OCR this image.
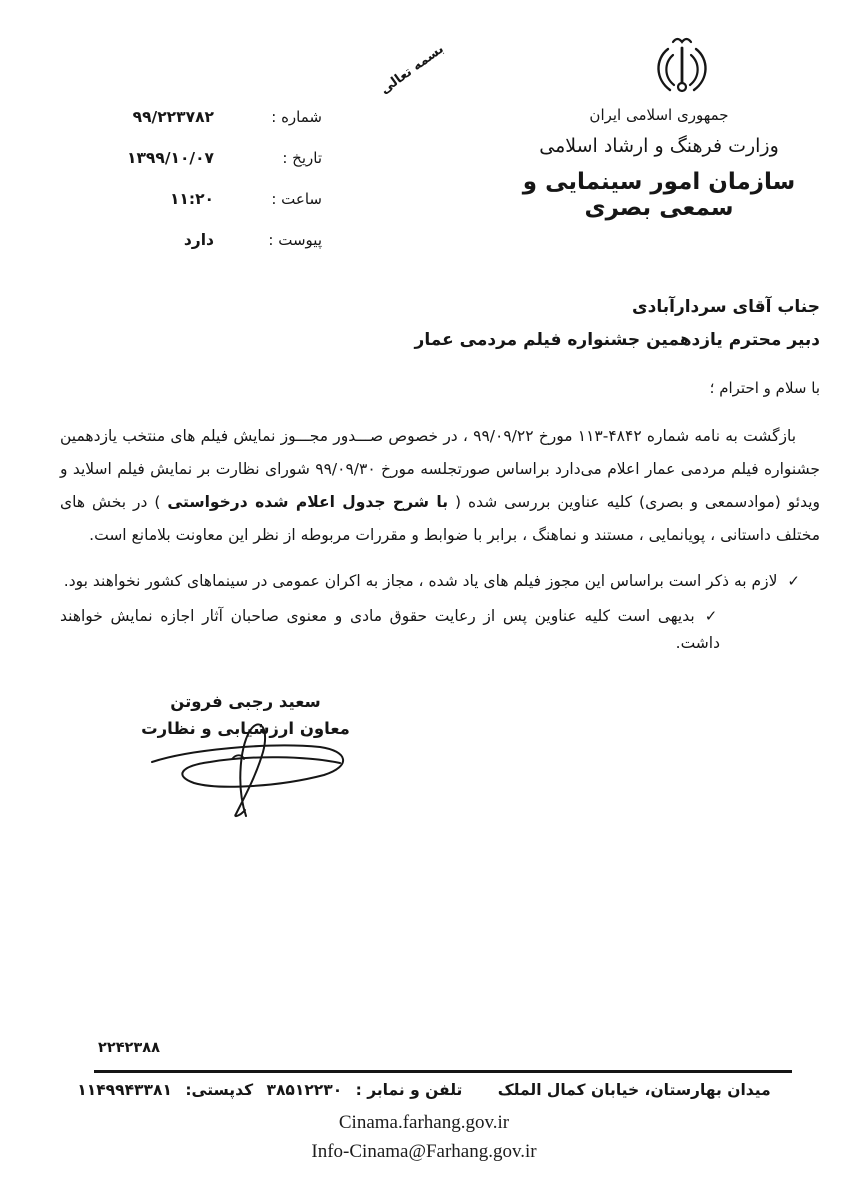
بسمه تعالی
جمهوری اسلامی ایران
وزارت فرهنگ و ارشاد اسلامی
سازمان امور سینمایی و سمعی بصری
شماره :
۹۹/۲۲۳۷۸۲
تاریخ :
۱۳۹۹/۱۰/۰۷
ساعت :
۱۱:۲۰
پیوست :
دارد
جناب آقای سردارآبادی
دبیر محترم یازدهمین جشنواره فیلم مردمی عمار
با سلام و احترام ؛

بازگشت به نامه شماره ۴۸۴۲-۱۱۳ مورخ ۹۹/۰۹/۲۲ ، در خصوص صـــدور مجـــوز نمایش فیلم های منتخب یازدهمین جشنواره فیلم مردمی عمار اعلام می‌دارد براساس صورتجلسه مورخ ۹۹/۰۹/۳۰ شورای نظارت بر نمایش فیلم اسلاید و ویدئو (موادسمعی و بصری) کلیه عناوین بررسی شده ( با شرح جدول اعلام شده درخواستی ) در بخش های مختلف داستانی ، پویانمایی ، مستند و نماهنگ ، برابر با ضوابط و مقررات مربوطه از نظر این معاونت بلامانع است.

✓لازم به ذکر است براساس این مجوز فیلم های یاد شده ، مجاز به اکران عمومی در سینماهای کشور نخواهند بود.
✓بدیهی است کلیه عناوین پس از رعایت حقوق مادی و معنوی صاحبان آثار اجازه نمایش خواهند داشت.
سعید رجبی فروتن
معاون ارزشیابی و نظارت
۲۲۴۲۳۸۸
میدان بهارستان، خیابان کمال الملک تلفن و نمابر : ۳۸۵۱۲۲۳۰ کدپستی: ۱۱۴۹۹۴۳۳۸۱
Cinama.farhang.gov.ir
Info-Cinama@Farhang.gov.ir
